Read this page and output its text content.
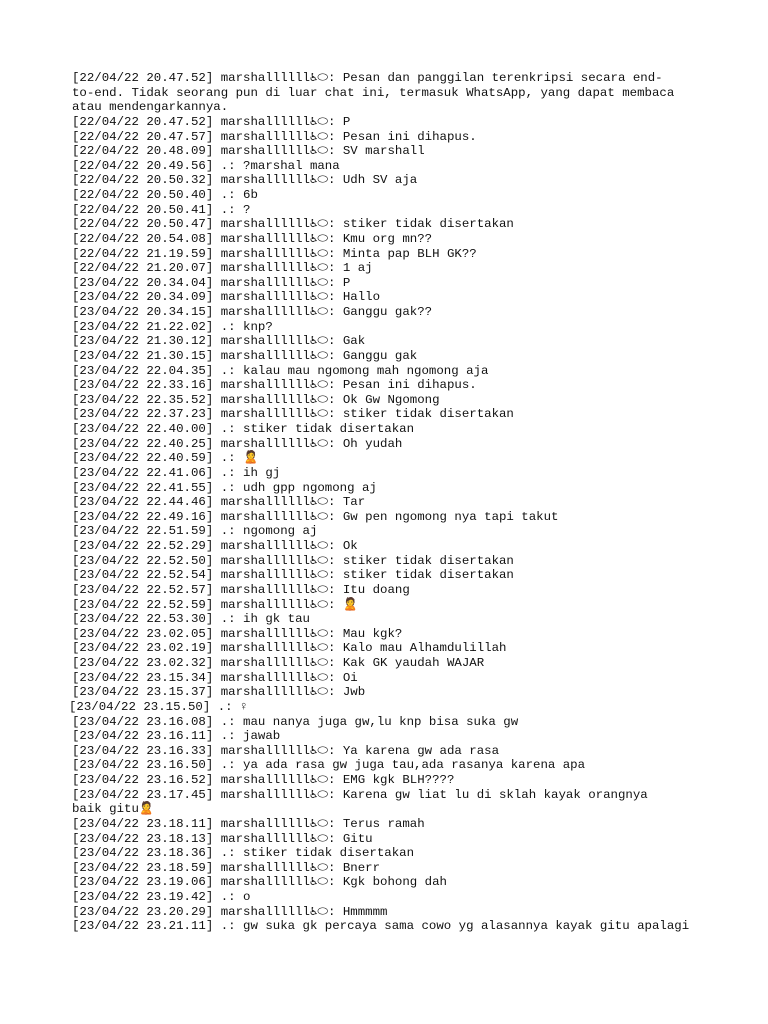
[22/04/22 20.47.52] marshallllll♿⬭: Pesan dan panggilan terenkripsi secara end-
to-end. Tidak seorang pun di luar chat ini, termasuk WhatsApp, yang dapat membaca
atau mendengarkannya.
[22/04/22 20.47.52] marshallllll♿⬭: P
[22/04/22 20.47.57] marshallllll♿⬭: Pesan ini dihapus.
[22/04/22 20.48.09] marshallllll♿⬭: SV marshall
[22/04/22 20.49.56] .: ?marshal mana
[22/04/22 20.50.32] marshallllll♿⬭: Udh SV aja
[22/04/22 20.50.40] .: 6b
[22/04/22 20.50.41] .: ?
[22/04/22 20.50.47] marshallllll♿⬭: stiker tidak disertakan
[22/04/22 20.54.08] marshallllll♿⬭: Kmu org mn??
[22/04/22 21.19.59] marshallllll♿⬭: Minta pap BLH GK??
[22/04/22 21.20.07] marshallllll♿⬭: 1 aj
[23/04/22 20.34.04] marshallllll♿⬭: P
[23/04/22 20.34.09] marshallllll♿⬭: Hallo
[23/04/22 20.34.15] marshallllll♿⬭: Ganggu gak??
[23/04/22 21.22.02] .: knp?
[23/04/22 21.30.12] marshallllll♿⬭: Gak
[23/04/22 21.30.15] marshallllll♿⬭: Ganggu gak
[23/04/22 22.04.35] .: kalau mau ngomong mah ngomong aja
[23/04/22 22.33.16] marshallllll♿⬭: Pesan ini dihapus.
[23/04/22 22.35.52] marshallllll♿⬭: Ok Gw Ngomong
[23/04/22 22.37.23] marshallllll♿⬭: stiker tidak disertakan
[23/04/22 22.40.00] .: stiker tidak disertakan
[23/04/22 22.40.25] marshallllll♿⬭: Oh yudah
[23/04/22 22.40.59] .: 🙎
[23/04/22 22.41.06] .: ih gj
[23/04/22 22.41.55] .: udh gpp ngomong aj
[23/04/22 22.44.46] marshallllll♿⬭: Tar
[23/04/22 22.49.16] marshallllll♿⬭: Gw pen ngomong nya tapi takut
[23/04/22 22.51.59] .: ngomong aj
[23/04/22 22.52.29] marshallllll♿⬭: Ok
[23/04/22 22.52.50] marshallllll♿⬭: stiker tidak disertakan
[23/04/22 22.52.54] marshallllll♿⬭: stiker tidak disertakan
[23/04/22 22.52.57] marshallllll♿⬭: Itu doang
[23/04/22 22.52.59] marshallllll♿⬭: 🙎
[23/04/22 22.53.30] .: ih gk tau
[23/04/22 23.02.05] marshallllll♿⬭: Mau kgk?
[23/04/22 23.02.19] marshallllll♿⬭: Kalo mau Alhamdulillah
[23/04/22 23.02.32] marshallllll♿⬭: Kak GK yaudah WAJAR
[23/04/22 23.15.34] marshallllll♿⬭: Oi
[23/04/22 23.15.37] marshallllll♿⬭: Jwb
[23/04/22 23.15.50] .: ♀
[23/04/22 23.16.08] .: mau nanya juga gw,lu knp bisa suka gw
[23/04/22 23.16.11] .: jawab
[23/04/22 23.16.33] marshallllll♿⬭: Ya karena gw ada rasa
[23/04/22 23.16.50] .: ya ada rasa gw juga tau,ada rasanya karena apa
[23/04/22 23.16.52] marshallllll♿⬭: EMG kgk BLH????
[23/04/22 23.17.45] marshallllll♿⬭: Karena gw liat lu di sklah kayak orangnya
baik gitu🙎
[23/04/22 23.18.11] marshallllll♿⬭: Terus ramah
[23/04/22 23.18.13] marshallllll♿⬭: Gitu
[23/04/22 23.18.36] .: stiker tidak disertakan
[23/04/22 23.18.59] marshallllll♿⬭: Bnerr
[23/04/22 23.19.06] marshallllll♿⬭: Kgk bohong dah
[23/04/22 23.19.42] .: o
[23/04/22 23.20.29] marshallllll♿⬭: Hmmmmm
[23/04/22 23.21.11] .: gw suka gk percaya sama cowo yg alasannya kayak gitu apalagi
